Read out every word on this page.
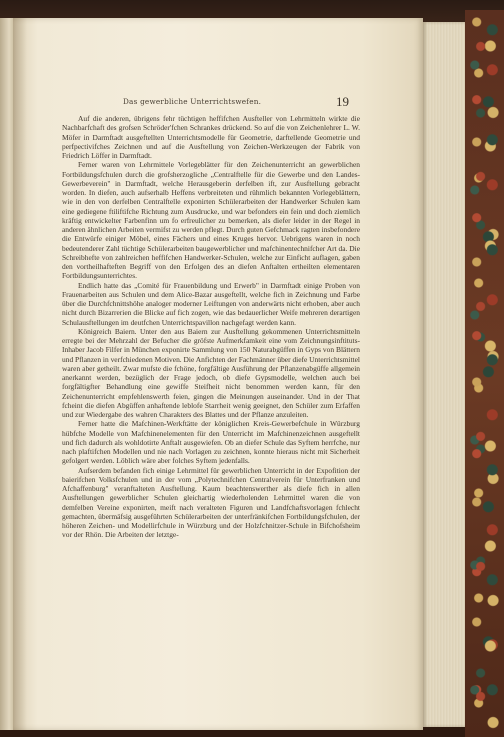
Das gewerbliche Unterrichtswefen.	19

Auf die anderen, übrigens fehr tüchtigen heffifchen Ausfteller von Lehrmitteln wirkte die Nachbarfchaft des grofsen Schröder'fchen Schrankes drückend. So auf die von Zeichenlehrer L. W. Möfer in Darmftadt ausgeftellten Unterrichtsmodelle für Geometrie, darftellende Geometrie und perfpectivifches Zeichnen und auf die Ausftellung von Zeichen-Werkzeugen der Fabrik von Friedrich Löffer in Darmftadt.

Ferner waren von Lehrmittele Vorlegeblätter für den Zeichenunterricht an gewerblichen Fortbildungsfchulen durch die grofsherzogliche „Centralftelle für die Gewerbe und den Landes-Gewerbeverein" in Darmftadt, welche Herausgeberin derfelben ift, zur Ausftellung gebracht worden. In diefen, auch aufserhalb Heffens verbreiteten und rühmlich bekannten Vorlegeblättern, wie in den von derfelben Centralftelle exponirten Schülerarbeiten der Handwerker Schulen kam eine gediegene ftiliftifche Richtung zum Ausdrucke, und war befonders ein fein und doch ziemlich kräftig entwickelter Farbenfinn um fo erfreulicher zu bemerken, als diefer leider in der Regel in anderen ähnlichen Arbeiten vermifst zu werden pflegt. Durch guten Gefchmack ragten insbefondere die Entwürfe einiger Möbel, eines Fächers und eines Kruges hervor. Uebrigens waren in noch bedeutenderer Zahl tüchtige Schülerarbeiten baugewerblicher und mafchinentechnifcher Art da. Die Schreibhefte von zahlreichen heffifchen Handwerker-Schulen, welche zur Einficht auflagen, gaben den vortheilhafteften Begriff von den Erfolgen des an diefen Anftalten ertheilten elementaren Fortbildungsunterrichtes.

Endlich hatte das „Comité für Frauenbildung und Erwerb" in Darmftadt einige Proben von Frauenarbeiten aus Schulen und dem Alice-Bazar ausgeftellt, welche fich in Zeichnung und Farbe über die Durchfchnittshöhe analoger moderner Leiftungen von anderwärts nicht erhoben, aber auch nicht durch Bizarrerien die Blicke auf fich zogen, wie das bedauerlicher Weife mehreren derartigen Schulausftellungen im deutfchen Unterrichtspavillon nachgefagt werden kann.

Königreich Baiern. Unter den aus Baiern zur Ausftellung gekommenen Unterrichtsmitteln erregte bei der Mehrzahl der Befucher die gröfste Aufmerkfamkeit eine vom Zeichnungsinftituts-Inhaber Jacob Filfer in München exponirte Sammlung von 150 Naturabgüffen in Gyps von Blättern und Pflanzen in verfchiedenen Motiven. Die Anfichten der Fachmänner über diefe Unterrichtsmittel waren aber getheilt. Zwar mufste die fchöne, forgfältige Ausführung der Pflanzenabgüffe allgemein anerkannt werden, bezüglich der Frage jedoch, ob diefe Gypsmodelle, welchen auch bei forgfältigfter Behandlung eine gewiffe Steifheit nicht benommen werden kann, für den Zeichenunterricht empfehlenswerth feien, gingen die Meinungen auseinander. Und in der That fcheint die diefen Abgüffen anhaftende leblofe Starrheit wenig geeignet, den Schüler zum Erfaffen und zur Wiedergabe des wahren Charakters des Blattes und der Pflanze anzuleiten.

Ferner hatte die Mafchinen-Werkftätte der königlichen Kreis-Gewerbefchule in Würzburg hübfche Modelle von Mafchinenelementen für den Unterricht im Mafchinenzeichnen ausgeftellt und fich dadurch als wohldotirte Anftalt ausgewiefen. Ob an diefer Schule das Syftem herrfche, nur nach plaftifchen Modellen und nie nach Vorlagen zu zeichnen, konnte hieraus nicht mit Sicherheit gefolgert werden. Löblich wäre aber folches Syftem jedenfalls.

Aufserdem befanden fich einige Lehrmittel für gewerblichen Unterricht in der Expofition der baierifchen Volksfchulen und in der vom „Polytechnifchen Centralverein für Unterfranken und Afchaffenburg" veranftalteten Ausftellung. Kaum beachtenswerther als diefe fich in allen Ausftellungen gewerblicher Schulen gleichartig wiederholenden Lehrmittel waren die von demfelben Vereine exponirten, meift nach veralteten Figuren und Landfchaftsvorlagen fchlecht gemachten, übermäfsig ausgeführten Schülerarbeiten der unterfränkifchen Fortbildungsfchulen, der höheren Zeichen- und Modellirfchule in Würzburg und der Holzfchnitzer-Schule in Bifchofsheim vor der Rhön. Die Arbeiten der letztge-
